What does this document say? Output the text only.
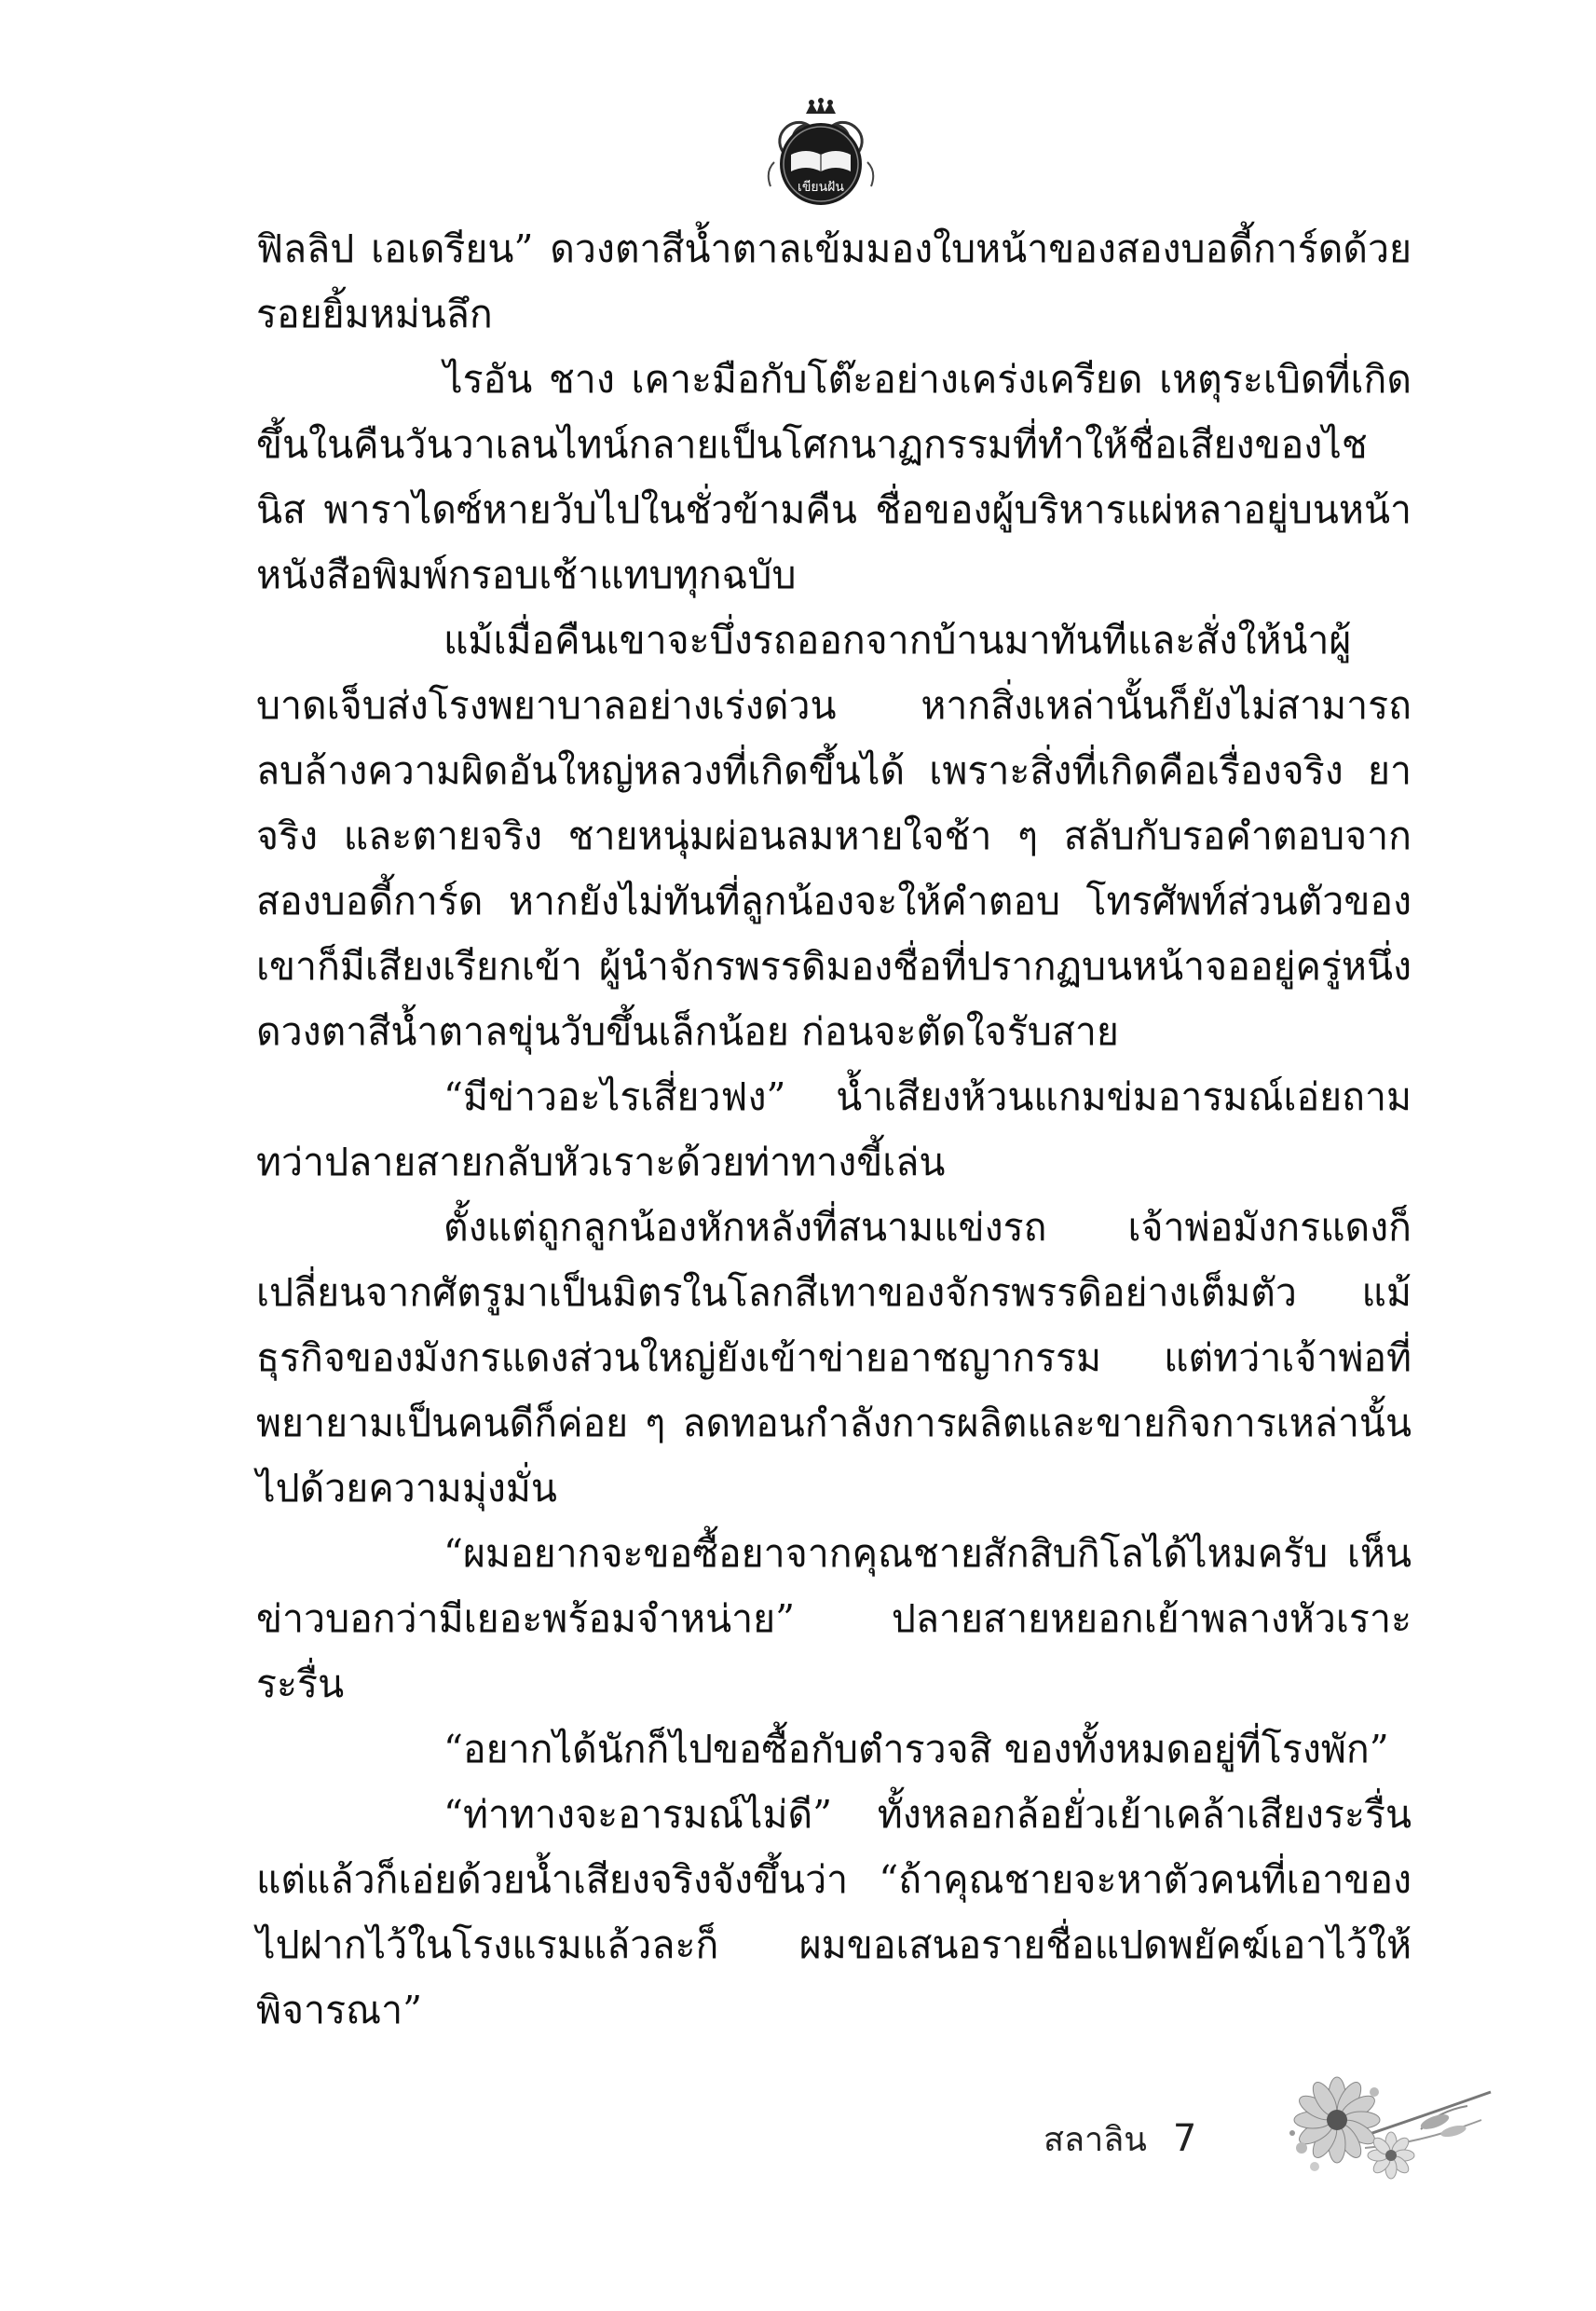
เขียนฝัน

ฟิลลิป เอเดรียน” ดวงตาสีน้ำตาลเข้มมองใบหน้าของสองบอดี้การ์ดด้วยรอยยิ้มหม่นลึก

ไรอัน ชาง เคาะมือกับโต๊ะอย่างเคร่งเครียด เหตุระเบิดที่เกิดขึ้นในคืนวันวาเลนไทน์กลายเป็นโศกนาฏกรรมที่ทำให้ชื่อเสียงของไชนิส พาราไดซ์หายวับไปในชั่วข้ามคืน ชื่อของผู้บริหารแผ่หลาอยู่บนหน้าหนังสือพิมพ์กรอบเช้าแทบทุกฉบับ

แม้เมื่อคืนเขาจะบึ่งรถออกจากบ้านมาทันทีและสั่งให้นำผู้บาดเจ็บส่งโรงพยาบาลอย่างเร่งด่วน หากสิ่งเหล่านั้นก็ยังไม่สามารถลบล้างความผิดอันใหญ่หลวงที่เกิดขึ้นได้ เพราะสิ่งที่เกิดคือเรื่องจริง ยาจริง และตายจริง ชายหนุ่มผ่อนลมหายใจช้า ๆ สลับกับรอคำตอบจากสองบอดี้การ์ด หากยังไม่ทันที่ลูกน้องจะให้คำตอบ โทรศัพท์ส่วนตัวของเขาก็มีเสียงเรียกเข้า ผู้นำจักรพรรดิมองชื่อที่ปรากฏบนหน้าจออยู่ครู่หนึ่ง ดวงตาสีน้ำตาลขุ่นวับขึ้นเล็กน้อย ก่อนจะตัดใจรับสาย

“มีข่าวอะไรเสี่ยวฟง” น้ำเสียงห้วนแกมข่มอารมณ์เอ่ยถาม ทว่าปลายสายกลับหัวเราะด้วยท่าทางขี้เล่น

ตั้งแต่ถูกลูกน้องหักหลังที่สนามแข่งรถ เจ้าพ่อมังกรแดงก็เปลี่ยนจากศัตรูมาเป็นมิตรในโลกสีเทาของจักรพรรดิอย่างเต็มตัว แม้ธุรกิจของมังกรแดงส่วนใหญ่ยังเข้าข่ายอาชญากรรม แต่ทว่าเจ้าพ่อที่พยายามเป็นคนดีก็ค่อย ๆ ลดทอนกำลังการผลิตและขายกิจการเหล่านั้นไปด้วยความมุ่งมั่น

“ผมอยากจะขอซื้อยาจากคุณชายสักสิบกิโลได้ไหมครับ เห็นข่าวบอกว่ามีเยอะพร้อมจำหน่าย” ปลายสายหยอกเย้าพลางหัวเราะระรื่น

“อยากได้นักก็ไปขอซื้อกับตำรวจสิ ของทั้งหมดอยู่ที่โรงพัก”

“ท่าทางจะอารมณ์ไม่ดี” ทั้งหลอกล้อยั่วเย้าเคล้าเสียงระรื่นแต่แล้วก็เอ่ยด้วยน้ำเสียงจริงจังขึ้นว่า “ถ้าคุณชายจะหาตัวคนที่เอาของไปฝากไว้ในโรงแรมแล้วละก็ ผมขอเสนอรายชื่อแปดพยัคฆ์เอาไว้ให้พิจารณา”

สลาลิน 7
